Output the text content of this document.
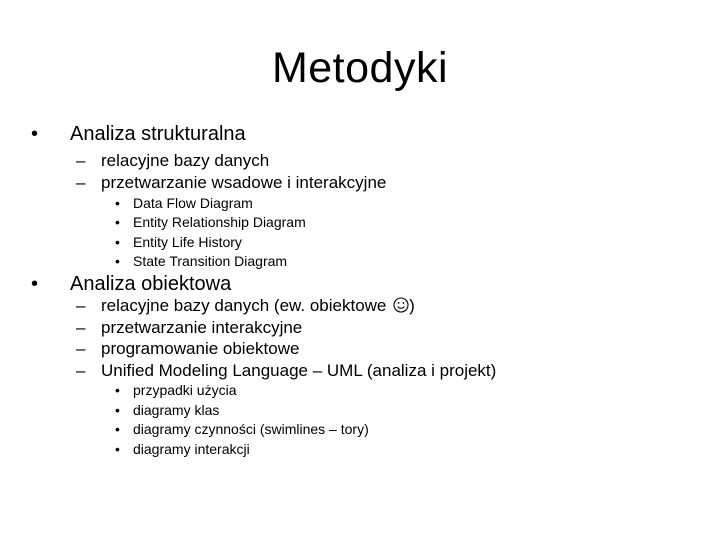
Metodyki
• Analiza strukturalna
– relacyjne bazy danych
– przetwarzanie wsadowe i interakcyjne
• Data Flow Diagram
• Entity Relationship Diagram
• Entity Life History
• State Transition Diagram
• Analiza obiektowa
– relacyjne bazy danych (ew. obiektowe )
– przetwarzanie interakcyjne
– programowanie obiektowe
– Unified Modeling Language – UML (analiza i projekt)
• przypadki użycia
• diagramy klas
• diagramy czynności (swimlines – tory)
• diagramy interakcji
